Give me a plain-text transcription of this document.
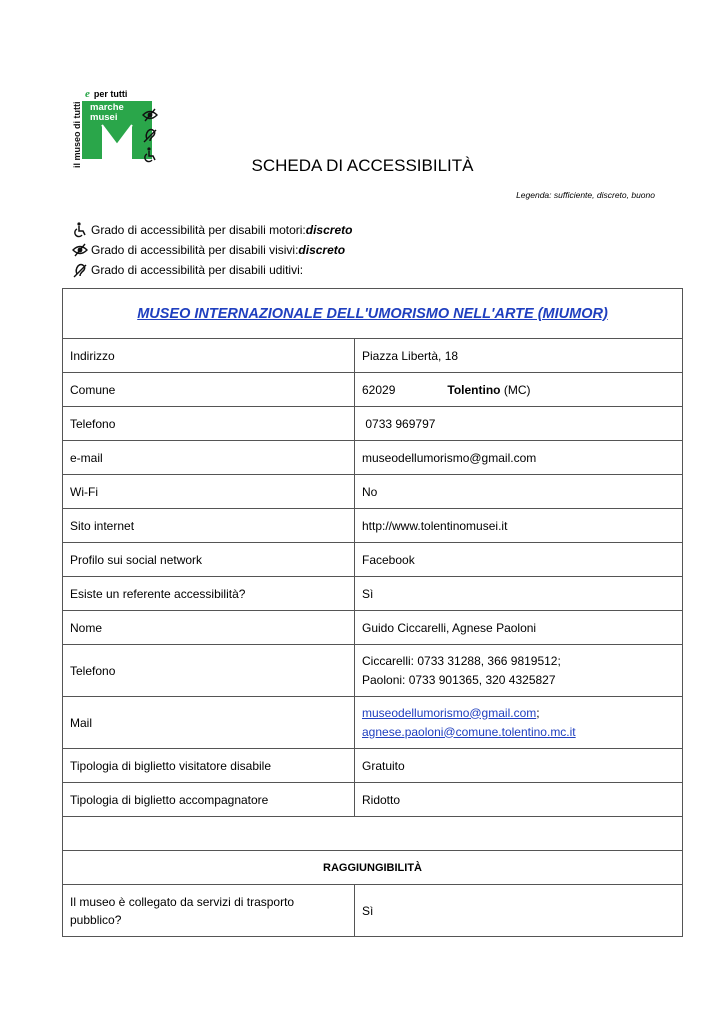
e per tutti
il museo di tutti marche
musei
SCHEDA DI ACCESSIBILITÀ
Legenda: sufficiente, discreto, buono
Grado di accessibilità per disabili motori: discreto
Grado di accessibilità per disabili visivi: discreto
Grado di accessibilità per disabili uditivi:
MUSEO INTERNAZIONALE DELL'UMORISMO NELL'ARTE (MIUMOR)	
Indirizzo	Piazza Libertà, 18
Comune	62029 Tolentino (MC)
Telefono	0733 969797
e-mail	museodellumorismo@gmail.com
Wi-Fi	No
Sito internet	http://www.tolentinomusei.it
Profilo sui social network	Facebook
Esiste un referente accessibilità?	Sì
Nome	Guido Ciccarelli, Agnese Paoloni
Telefono	Ciccarelli: 0733 31288, 366 9819512;
Paoloni: 0733 901365, 320 4325827

Mail	museodellumorismo@gmail.com;
agnese.paoloni@comune.tolentino.mc.it

Tipologia di biglietto visitatore disabile	Gratuito
Tipologia di biglietto accompagnatore	Ridotto

RAGGIUNGIBILITÀ	
Il museo è collegato da servizi di trasporto pubblico?	Sì
